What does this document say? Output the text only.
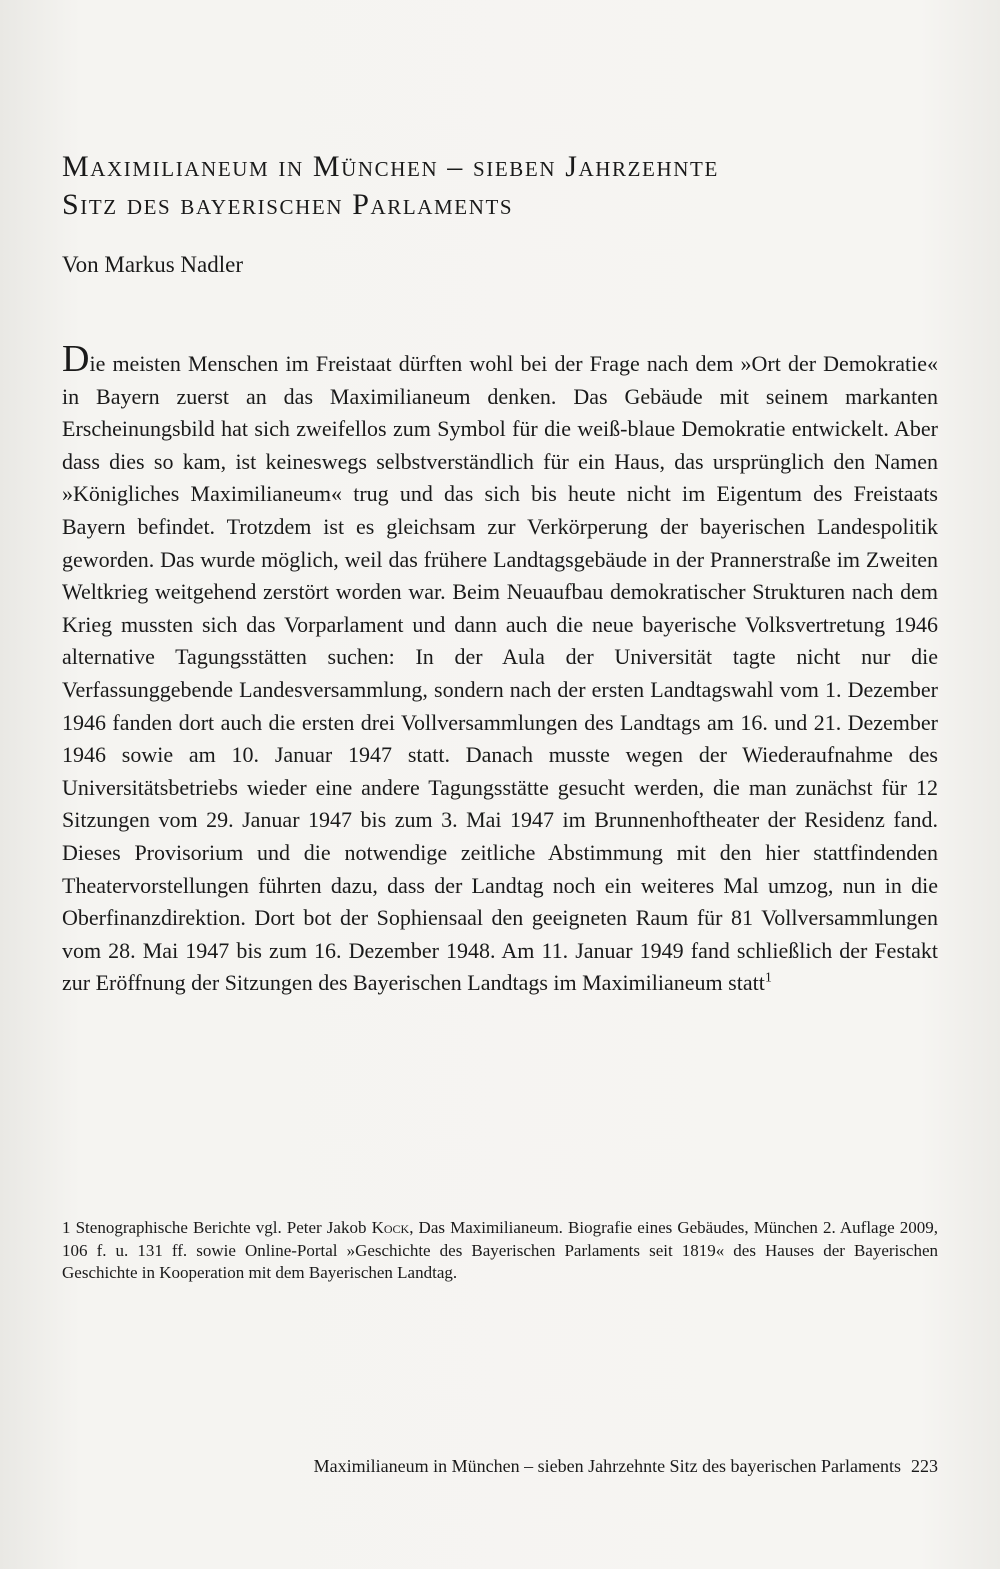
Maximilianeum in München – sieben Jahrzehnte
Sitz des bayerischen Parlaments

Von Markus Nadler

Die meisten Menschen im Freistaat dürften wohl bei der Frage nach dem »Ort der Demokratie« in Bayern zuerst an das Maximilianeum denken. Das Gebäude mit seinem markanten Erscheinungsbild hat sich zweifellos zum Symbol für die weiß-blaue Demokratie entwickelt. Aber dass dies so kam, ist keineswegs selbstverständlich für ein Haus, das ursprünglich den Namen »Königliches Maximilianeum« trug und das sich bis heute nicht im Eigentum des Freistaats Bayern befindet. Trotzdem ist es gleichsam zur Verkörperung der bayerischen Landespolitik geworden. Das wurde möglich, weil das frühere Landtagsgebäude in der Prannerstraße im Zweiten Weltkrieg weitgehend zerstört worden war. Beim Neuaufbau demokratischer Strukturen nach dem Krieg mussten sich das Vorparlament und dann auch die neue bayerische Volksvertretung 1946 alternative Tagungsstätten suchen: In der Aula der Universität tagte nicht nur die Verfassunggebende Landesversammlung, sondern nach der ersten Landtagswahl vom 1. Dezember 1946 fanden dort auch die ersten drei Vollversammlungen des Landtags am 16. und 21. Dezember 1946 sowie am 10. Januar 1947 statt. Danach musste wegen der Wiederaufnahme des Universitätsbetriebs wieder eine andere Tagungsstätte gesucht werden, die man zunächst für 12 Sitzungen vom 29. Januar 1947 bis zum 3. Mai 1947 im Brunnenhoftheater der Residenz fand. Dieses Provisorium und die notwendige zeitliche Abstimmung mit den hier stattfindenden Theatervorstellungen führten dazu, dass der Landtag noch ein weiteres Mal umzog, nun in die Oberfinanzdirektion. Dort bot der Sophiensaal den geeigneten Raum für 81 Vollversammlungen vom 28. Mai 1947 bis zum 16. Dezember 1948. Am 11. Januar 1949 fand schließlich der Festakt zur Eröffnung der Sitzungen des Bayerischen Landtags im Maximilianeum statt$^1$

1 Stenographische Berichte vgl. Peter Jakob Kock, Das Maximilianeum. Biografie eines Gebäudes, München 2. Auflage 2009, 106 f. u. 131 ff. sowie Online-Portal »Geschichte des Bayerischen Parlaments seit 1819« des Hauses der Bayerischen Geschichte in Kooperation mit dem Bayerischen Landtag.

Maximilianeum in München – sieben Jahrzehnte Sitz des bayerischen Parlaments 223
